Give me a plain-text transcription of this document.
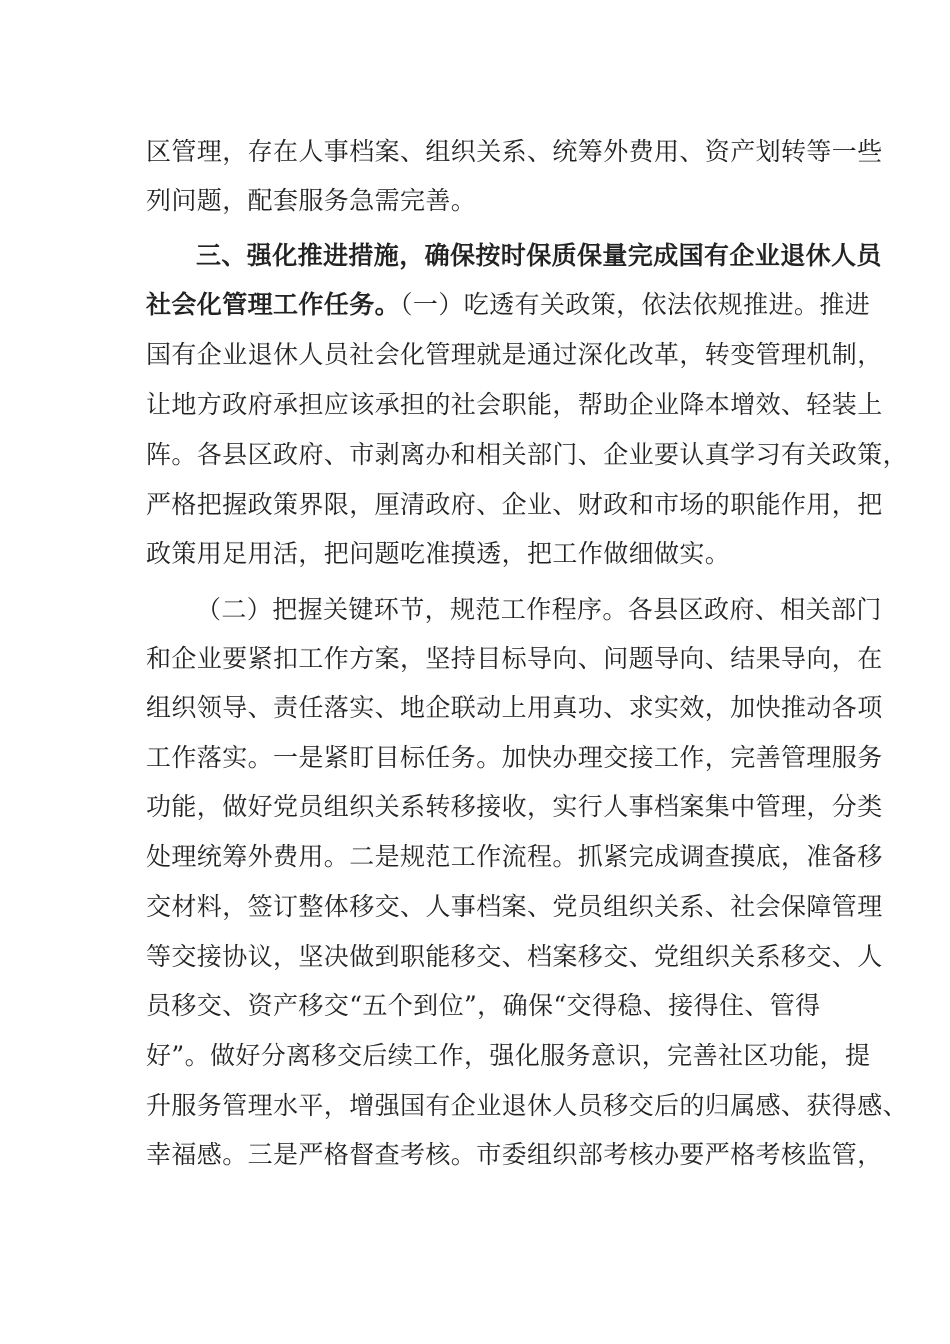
区管理，存在人事档案、组织关系、统筹外费用、资产划转等一些
列问题，配套服务急需完善。
三、强化推进措施，确保按时保质保量完成国有企业退休人员
社会化管理工作任务。（一）吃透有关政策，依法依规推进。推进
国有企业退休人员社会化管理就是通过深化改革，转变管理机制，
让地方政府承担应该承担的社会职能，帮助企业降本增效、轻装上
阵。各县区政府、市剥离办和相关部门、企业要认真学习有关政策，
严格把握政策界限，厘清政府、企业、财政和市场的职能作用，把
政策用足用活，把问题吃准摸透，把工作做细做实。
（二）把握关键环节，规范工作程序。各县区政府、相关部门
和企业要紧扣工作方案，坚持目标导向、问题导向、结果导向，在
组织领导、责任落实、地企联动上用真功、求实效，加快推动各项
工作落实。一是紧盯目标任务。加快办理交接工作，完善管理服务
功能，做好党员组织关系转移接收，实行人事档案集中管理，分类
处理统筹外费用。二是规范工作流程。抓紧完成调查摸底，准备移
交材料，签订整体移交、人事档案、党员组织关系、社会保障管理
等交接协议，坚决做到职能移交、档案移交、党组织关系移交、人
员移交、资产移交“五个到位”，确保“交得稳、接得住、管得
好”。做好分离移交后续工作，强化服务意识，完善社区功能，提
升服务管理水平，增强国有企业退休人员移交后的归属感、获得感、
幸福感。三是严格督查考核。市委组织部考核办要严格考核监管，
